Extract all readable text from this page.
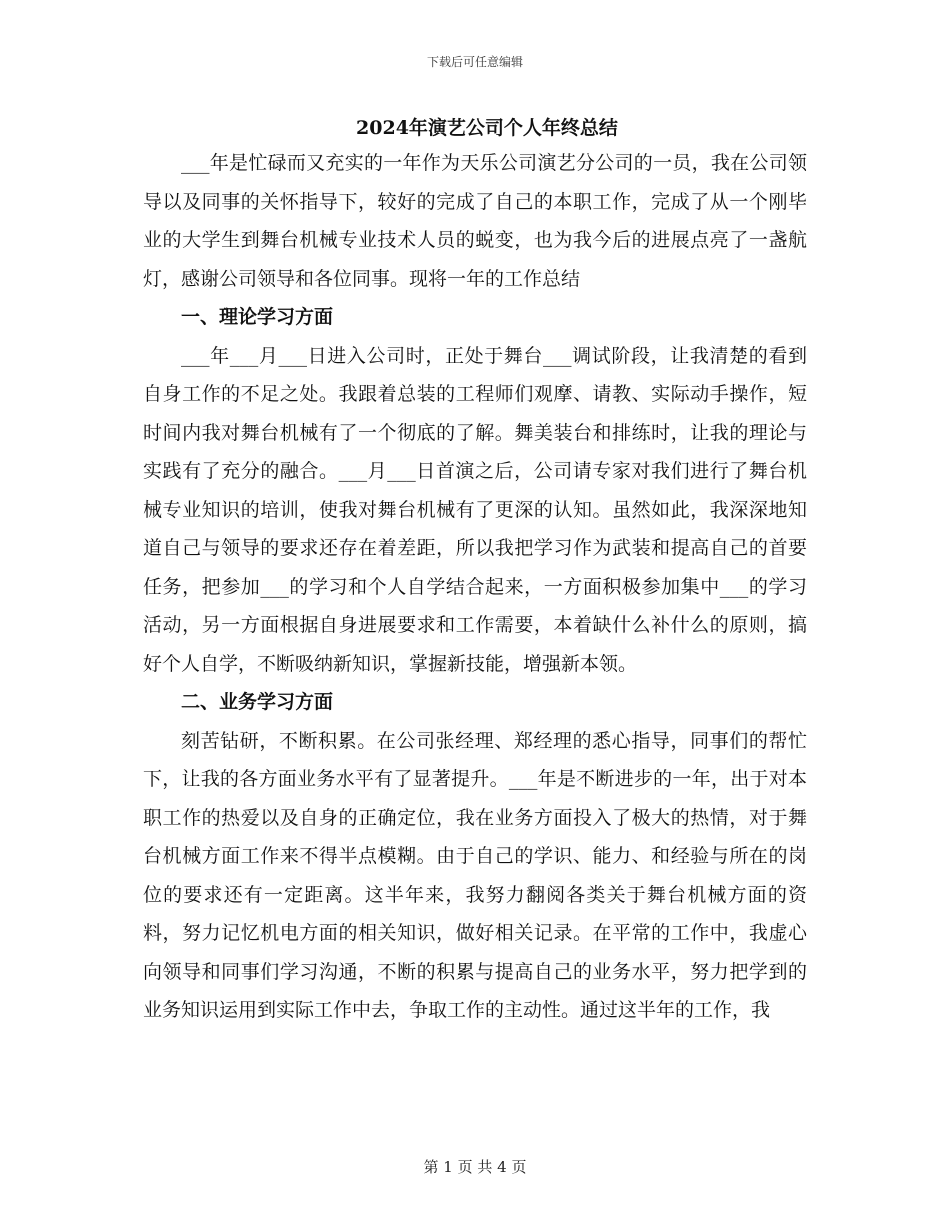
下载后可任意编辑
2024年演艺公司个人年终总结

___年是忙碌而又充实的一年作为天乐公司演艺分公司的一员，我在公司领导以及同事的关怀指导下，较好的完成了自己的本职工作，完成了从一个刚毕业的大学生到舞台机械专业技术人员的蜕变，也为我今后的进展点亮了一盏航灯，感谢公司领导和各位同事。现将一年的工作总结

一、理论学习方面

___年___月___日进入公司时，正处于舞台___调试阶段，让我清楚的看到自身工作的不足之处。我跟着总装的工程师们观摩、请教、实际动手操作，短时间内我对舞台机械有了一个彻底的了解。舞美装台和排练时，让我的理论与实践有了充分的融合。___月___日首演之后，公司请专家对我们进行了舞台机械专业知识的培训，使我对舞台机械有了更深的认知。虽然如此，我深深地知道自己与领导的要求还存在着差距，所以我把学习作为武装和提高自己的首要任务，把参加___的学习和个人自学结合起来，一方面积极参加集中___的学习活动，另一方面根据自身进展要求和工作需要，本着缺什么补什么的原则，搞好个人自学，不断吸纳新知识，掌握新技能，增强新本领。

二、业务学习方面

刻苦钻研，不断积累。在公司张经理、郑经理的悉心指导，同事们的帮忙下，让我的各方面业务水平有了显著提升。___年是不断进步的一年，出于对本职工作的热爱以及自身的正确定位，我在业务方面投入了极大的热情，对于舞台机械方面工作来不得半点模糊。由于自己的学识、能力、和经验与所在的岗位的要求还有一定距离。这半年来，我努力翻阅各类关于舞台机械方面的资料，努力记忆机电方面的相关知识，做好相关记录。在平常的工作中，我虚心向领导和同事们学习沟通，不断的积累与提高自己的业务水平，努力把学到的业务知识运用到实际工作中去，争取工作的主动性。通过这半年的工作，我

第 1 页 共 4 页
